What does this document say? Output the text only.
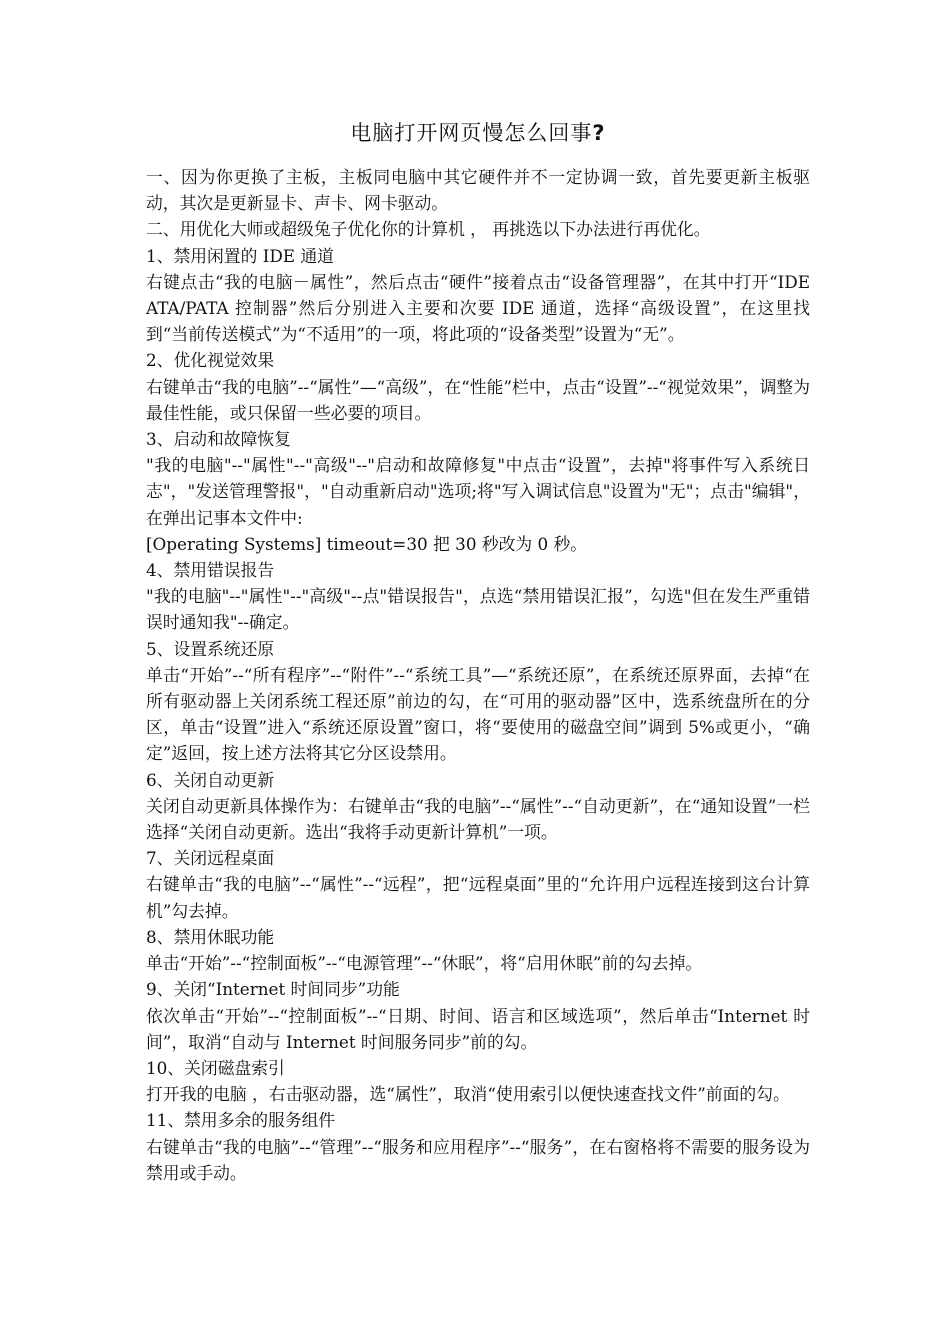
电脑打开网页慢怎么回事?

一、因为你更换了主板，主板同电脑中其它硬件并不一定协调一致，首先要更新主板驱动，其次是更新显卡、声卡、网卡驱动。

二、用优化大师或超级兔子优化你的计算机 ， 再挑选以下办法进行再优化。

1、禁用闲置的 IDE 通道

右键点击“我的电脑－属性”，然后点击“硬件”接着点击“设备管理器”，在其中打开“IDE ATA/PATA 控制器”然后分别进入主要和次要 IDE 通道，选择“高级设置”，在这里找到“当前传送模式”为“不适用”的一项，将此项的“设备类型”设置为“无”。

2、优化视觉效果

右键单击“我的电脑”--“属性”—“高级”，在“性能”栏中，点击“设置”--“视觉效果”，调整为最佳性能，或只保留一些必要的项目。

3、启动和故障恢复

"我的电脑"--"属性"--"高级"--"启动和故障修复"中点击“设置”，去掉"将事件写入系统日志"，"发送管理警报"，"自动重新启动"选项;将"写入调试信息"设置为"无"；点击"编辑"，在弹出记事本文件中:

[Operating Systems] timeout=30 把 30 秒改为 0 秒。

4、禁用错误报告

"我的电脑"--"属性"--"高级"--点"错误报告"，点选“禁用错误汇报”，勾选"但在发生严重错误时通知我"--确定。

5、设置系统还原

单击“开始”--“所有程序”--“附件”--“系统工具”—“系统还原”，在系统还原界面，去掉“在所有驱动器上关闭系统工程还原”前边的勾，在“可用的驱动器”区中，选系统盘所在的分区，单击“设置”进入“系统还原设置”窗口，将“要使用的磁盘空间”调到 5%或更小，“确定”返回，按上述方法将其它分区设禁用。

6、关闭自动更新

关闭自动更新具体操作为：右键单击“我的电脑”--“属性”--“自动更新”，在“通知设置”一栏选择“关闭自动更新。选出“我将手动更新计算机”一项。

7、关闭远程桌面

右键单击“我的电脑”--“属性”--“远程”，把“远程桌面”里的“允许用户远程连接到这台计算机”勾去掉。

8、禁用休眠功能

单击“开始”--“控制面板”--“电源管理”--“休眠”，将“启用休眠”前的勾去掉。

9、关闭“Internet 时间同步”功能

依次单击“开始”--“控制面板”--“日期、时间、语言和区域选项”，然后单击“Internet 时间”，取消“自动与 Internet 时间服务同步”前的勾。

10、关闭磁盘索引

打开我的电脑 ，右击驱动器，选“属性”，取消“使用索引以便快速查找文件”前面的勾。

11、禁用多余的服务组件

右键单击“我的电脑”--“管理”--“服务和应用程序”--“服务”，在右窗格将不需要的服务设为禁用或手动。
